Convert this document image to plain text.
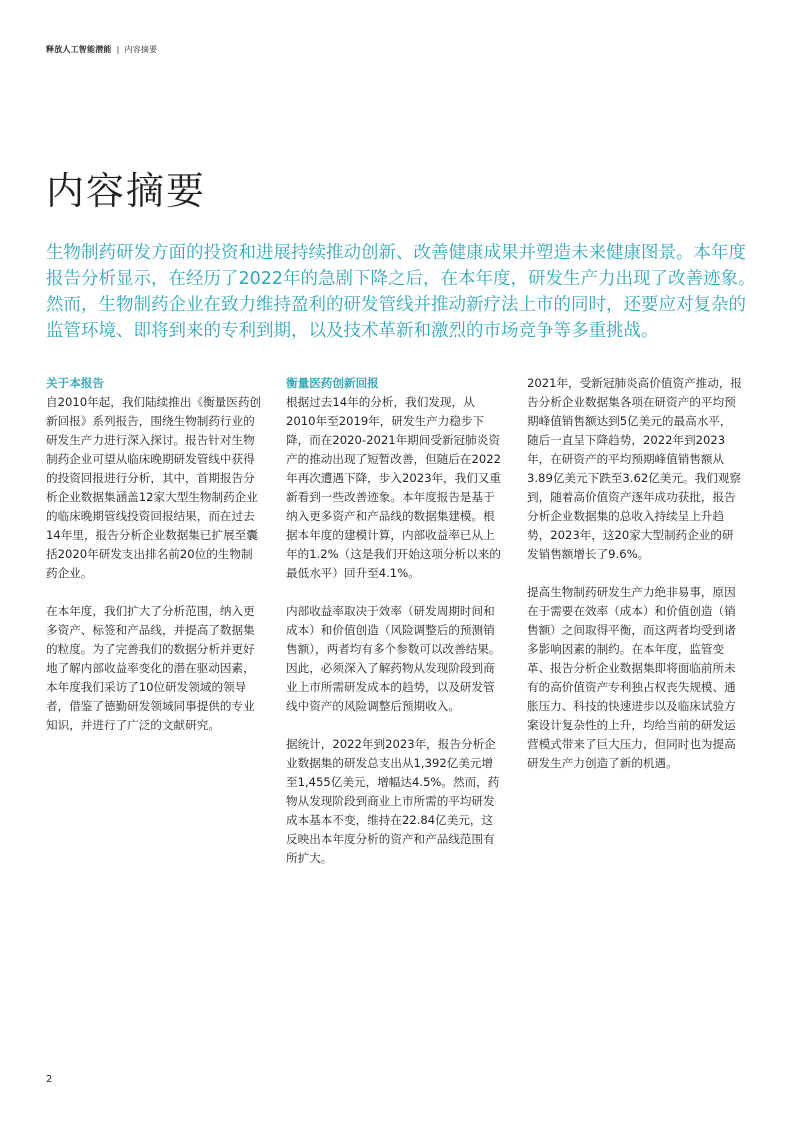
释放人工智能潜能 | 内容摘要
内容摘要

生物制药研发方面的投资和进展持续推动创新、改善健康成果并塑造未来健康图景。本年度报告分析显示，在经历了2022年的急剧下降之后，在本年度，研发生产力出现了改善迹象。然而，生物制药企业在致力维持盈利的研发管线并推动新疗法上市的同时，还要应对复杂的监管环境、即将到来的专利到期，以及技术革新和激烈的市场竞争等多重挑战。

关于本报告

自2010年起，我们陆续推出《衡量医药创新回报》系列报告，围绕生物制药行业的研发生产力进行深入探讨。报告针对生物制药企业可望从临床晚期研发管线中获得的投资回报进行分析，其中，首期报告分析企业数据集涵盖12家大型生物制药企业的临床晚期管线投资回报结果，而在过去14年里，报告分析企业数据集已扩展至囊括2020年研发支出排名前20位的生物制药企业。

在本年度，我们扩大了分析范围，纳入更多资产、标签和产品线，并提高了数据集的粒度。为了完善我们的数据分析并更好地了解内部收益率变化的潜在驱动因素，本年度我们采访了10位研发领域的领导者，借鉴了德勤研发领域同事提供的专业知识，并进行了广泛的文献研究。

衡量医药创新回报

根据过去14年的分析，我们发现，从2010年至2019年，研发生产力稳步下降，而在2020-2021年期间受新冠肺炎资产的推动出现了短暂改善，但随后在2022年再次遭遇下降，步入2023年，我们又重新看到一些改善迹象。本年度报告是基于纳入更多资产和产品线的数据集建模。根据本年度的建模计算，内部收益率已从上年的1.2%（这是我们开始这项分析以来的最低水平）回升至4.1%。

内部收益率取决于效率（研发周期时间和成本）和价值创造（风险调整后的预测销售额），两者均有多个参数可以改善结果。因此，必须深入了解药物从发现阶段到商业上市所需研发成本的趋势，以及研发管线中资产的风险调整后预期收入。

据统计，2022年到2023年，报告分析企业数据集的研发总支出从1,392亿美元增至1,455亿美元，增幅达4.5%。然而，药物从发现阶段到商业上市所需的平均研发成本基本不变，维持在22.84亿美元，这反映出本年度分析的资产和产品线范围有所扩大。

2021年，受新冠肺炎高价值资产推动，报告分析企业数据集各项在研资产的平均预期峰值销售额达到5亿美元的最高水平，随后一直呈下降趋势，2022年到2023年，在研资产的平均预期峰值销售额从3.89亿美元下跌至3.62亿美元。我们观察到，随着高价值资产逐年成功获批，报告分析企业数据集的总收入持续呈上升趋势，2023年，这20家大型制药企业的研发销售额增长了9.6%。

提高生物制药研发生产力绝非易事，原因在于需要在效率（成本）和价值创造（销售额）之间取得平衡，而这两者均受到诸多影响因素的制约。在本年度，监管变革、报告分析企业数据集即将面临前所未有的高价值资产专利独占权丧失规模、通胀压力、科技的快速进步以及临床试验方案设计复杂性的上升，均给当前的研发运营模式带来了巨大压力，但同时也为提高研发生产力创造了新的机遇。

2
